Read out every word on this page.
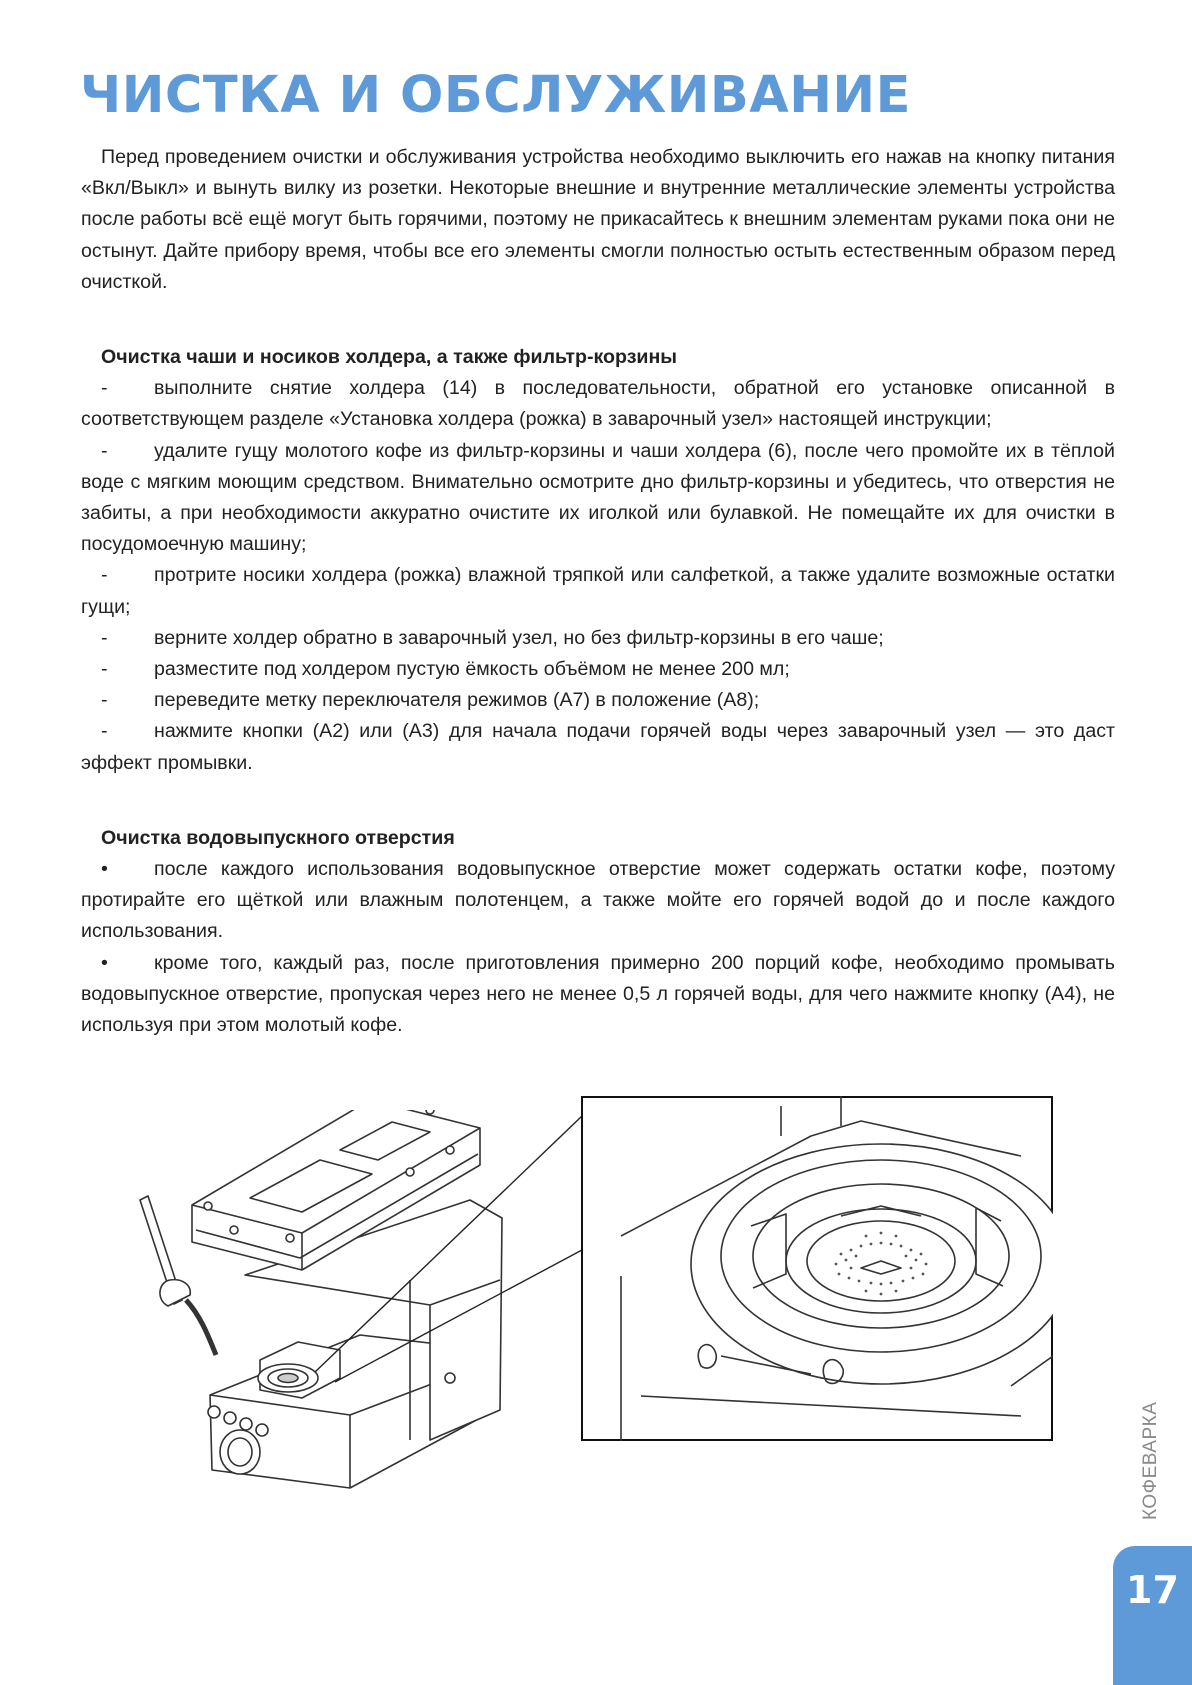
ЧИСТКА И ОБСЛУЖИВАНИЕ

Перед проведением очистки и обслуживания устройства необходимо выключить его нажав на кнопку питания «Вкл/Выкл» и вынуть вилку из розетки. Некоторые внешние и внутренние металлические элементы устройства после работы всё ещё могут быть горячими, поэтому не прикасайтесь к внешним элементам руками пока они не остынут. Дайте прибору время, чтобы все его элементы смогли полностью остыть естественным образом перед очисткой.

Очистка чаши и носиков холдера, а также фильтр-корзины

- выполните снятие холдера (14) в последовательности, обратной его установке описанной в соответствующем разделе «Установка холдера (рожка) в заварочный узел» настоящей инструкции;

- удалите гущу молотого кофе из фильтр-корзины и чаши холдера (6), после чего промойте их в тёплой воде с мягким моющим средством. Внимательно осмотрите дно фильтр-корзины и убедитесь, что отверстия не забиты, а при необходимости аккуратно очистите их иголкой или булавкой. Не помещайте их для очистки в посудомоечную машину;

- протрите носики холдера (рожка) влажной тряпкой или салфеткой, а также удалите возможные остатки гущи;

- верните холдер обратно в заварочный узел, но без фильтр-корзины в его чаше;

- разместите под холдером пустую ёмкость объёмом не менее 200 мл;

- переведите метку переключателя режимов (А7) в положение (А8);

- нажмите кнопки (А2) или (А3) для начала подачи горячей воды через заварочный узел — это даст эффект промывки.

Очистка водовыпускного отверстия

• после каждого использования водовыпускное отверстие может содержать остатки кофе, поэтому протирайте его щёткой или влажным полотенцем, а также мойте его горячей водой до и после каждого использования.

• кроме того, каждый раз, после приготовления примерно 200 порций кофе, необходимо промывать водовыпускное отверстие, пропуская через него не менее 0,5 л горячей воды, для чего нажмите кнопку (А4), не используя при этом молотый кофе.

КОФЕВАРКА
17
